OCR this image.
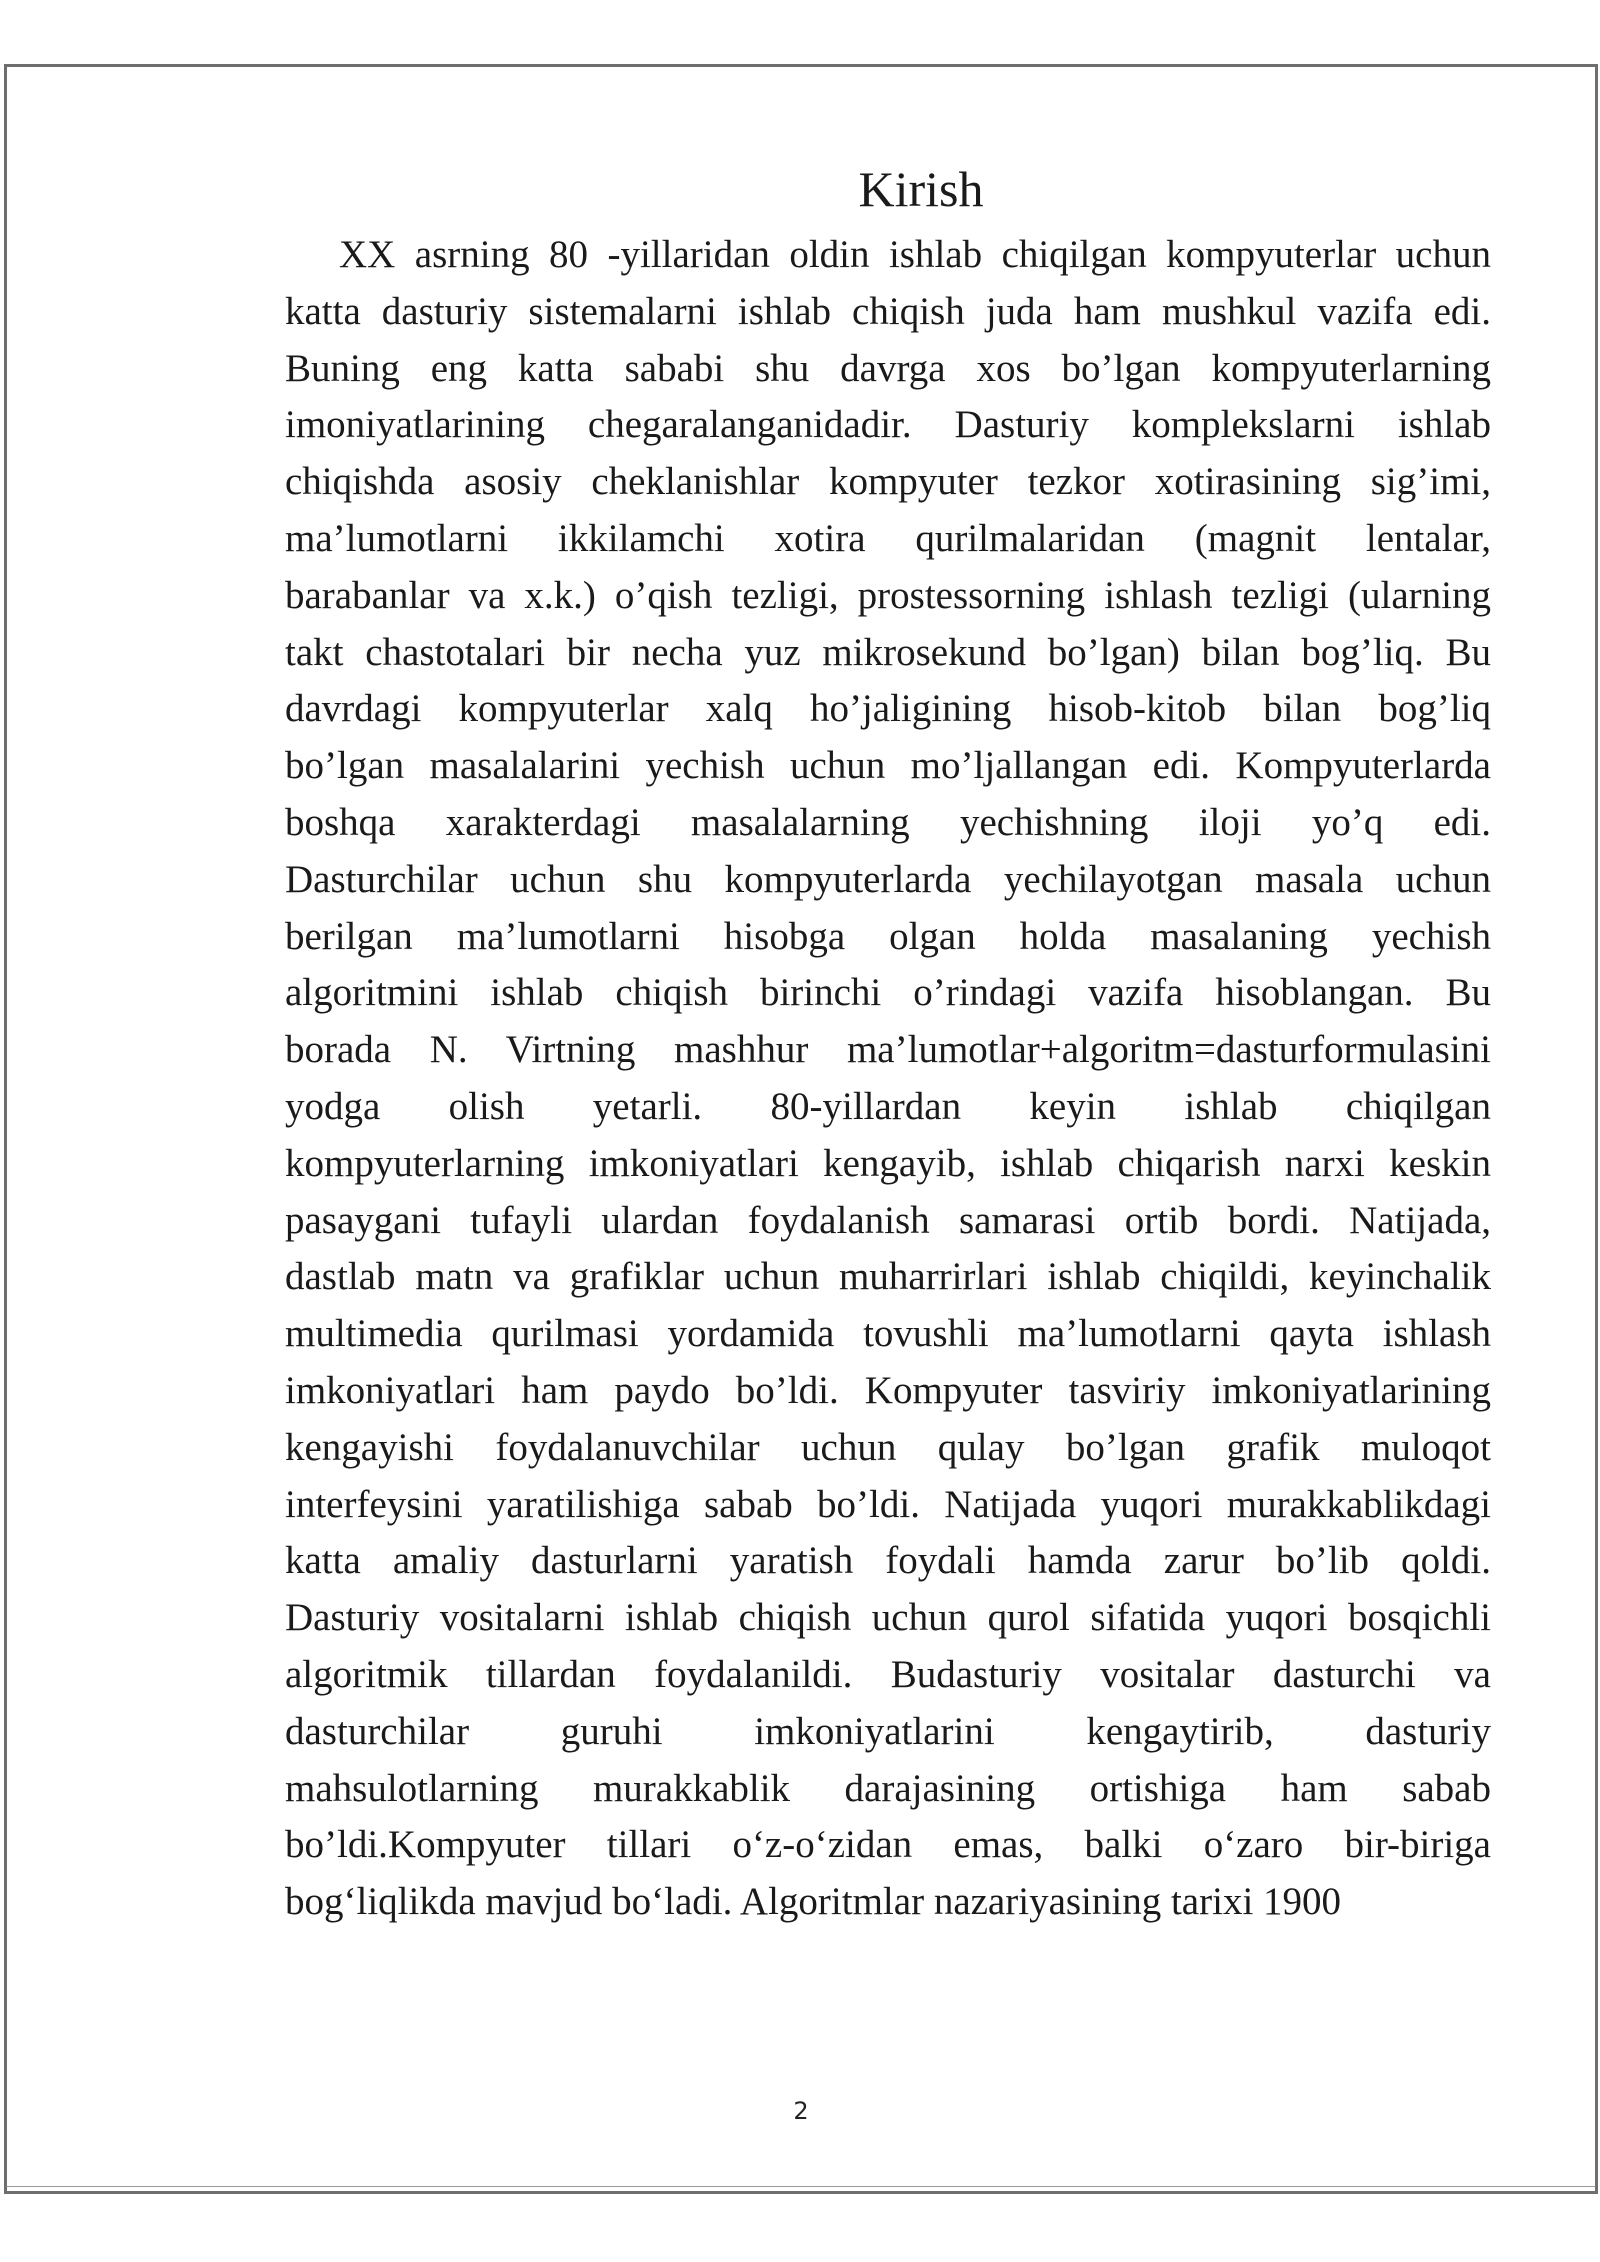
Kirish
XX asrning 80 -yillaridan oldin ishlab chiqilgan kompyuterlar uchun
katta dasturiy sistemalarni ishlab chiqish juda ham mushkul vazifa edi.
Buning eng katta sababi shu davrga xos bo’lgan kompyuterlarning
imoniyatlarining chegaralanganidadir. Dasturiy komplekslarni ishlab
chiqishda asosiy cheklanishlar kompyuter tezkor xotirasining sig’imi,
ma’lumotlarni ikkilamchi xotira qurilmalaridan (magnit lentalar,
barabanlar va x.k.) o’qish tezligi, prostessorning ishlash tezligi (ularning
takt chastotalari bir necha yuz mikrosekund bo’lgan) bilan bog’liq. Bu
davrdagi kompyuterlar xalq ho’jaligining hisob-kitob bilan bog’liq
bo’lgan masalalarini yechish uchun mo’ljallangan edi. Kompyuterlarda
boshqa xarakterdagi masalalarning yechishning iloji yo’q edi.
Dasturchilar uchun shu kompyuterlarda yechilayotgan masala uchun
berilgan ma’lumotlarni hisobga olgan holda masalaning yechish
algoritmini ishlab chiqish birinchi o’rindagi vazifa hisoblangan. Bu
borada N. Virtning mashhur ma’lumotlar+algoritm=dasturformulasini
yodga olish yetarli. 80-yillardan keyin ishlab chiqilgan
kompyuterlarning imkoniyatlari kengayib, ishlab chiqarish narxi keskin
pasaygani tufayli ulardan foydalanish samarasi ortib bordi. Natijada,
dastlab matn va grafiklar uchun muharrirlari ishlab chiqildi, keyinchalik
multimedia qurilmasi yordamida tovushli ma’lumotlarni qayta ishlash
imkoniyatlari ham paydo bo’ldi. Kompyuter tasviriy imkoniyatlarining
kengayishi foydalanuvchilar uchun qulay bo’lgan grafik muloqot
interfeysini yaratilishiga sabab bo’ldi. Natijada yuqori murakkablikdagi
katta amaliy dasturlarni yaratish foydali hamda zarur bo’lib qoldi.
Dasturiy vositalarni ishlab chiqish uchun qurol sifatida yuqori bosqichli
algoritmik tillardan foydalanildi. Budasturiy vositalar dasturchi va
dasturchilar guruhi imkoniyatlarini kengaytirib, dasturiy
mahsulotlarning murakkablik darajasining ortishiga ham sabab
bo’ldi.Kompyuter tillari o‘z-o‘zidan emas, balki o‘zaro bir-biriga
bog‘liqlikda mavjud bo‘ladi. Algoritmlar nazariyasining tarixi 1900
2
